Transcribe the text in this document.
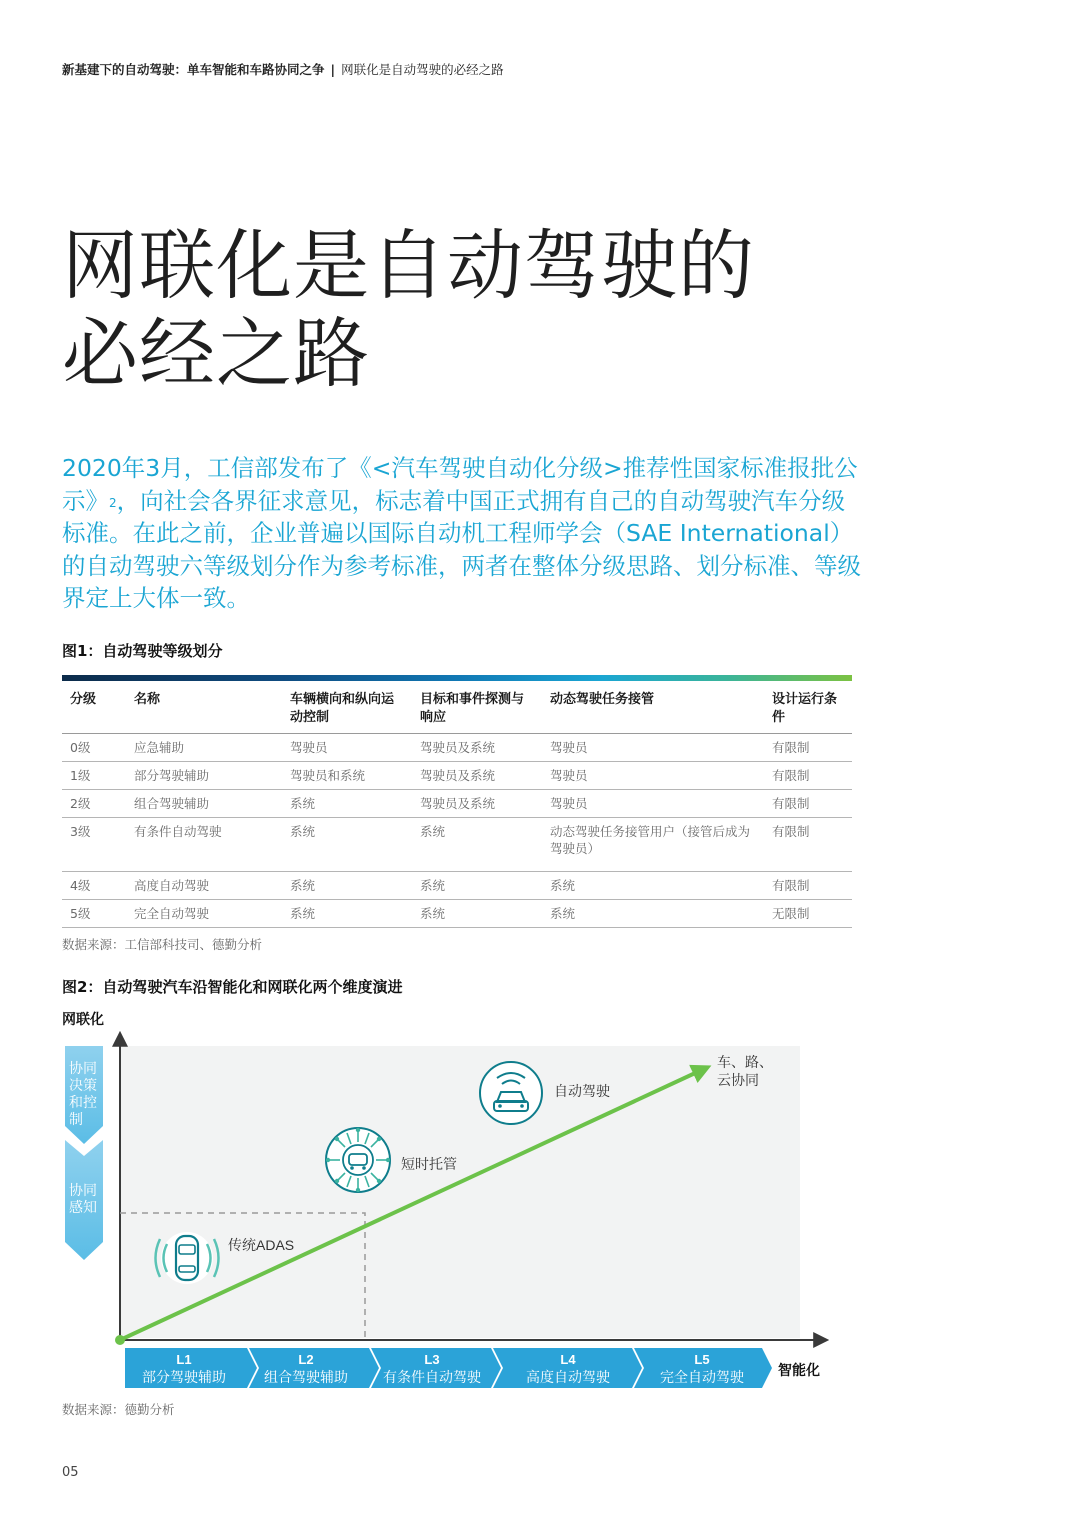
新基建下的自动驾驶：单车智能和车路协同之争 | 网联化是自动驾驶的必经之路
网联化是自动驾驶的
必经之路

2020年3月，工信部发布了《<汽车驾驶自动化分级>推荐性国家标准报批公示》$^2$，向社会各界征求意见，标志着中国正式拥有自己的自动驾驶汽车分级标准。在此之前，企业普遍以国际自动机工程师学会（SAE International）的自动驾驶六等级划分作为参考标准，两者在整体分级思路、划分标准、等级界定上大体一致。

图1：自动驾驶等级划分
分级	名称	车辆横向和纵向运动控制	目标和事件探测与响应	动态驾驶任务接管	设计运行条件
0级	应急辅助	驾驶员	驾驶员及系统	驾驶员	有限制
1级	部分驾驶辅助	驾驶员和系统	驾驶员及系统	驾驶员	有限制
2级	组合驾驶辅助	系统	驾驶员及系统	驾驶员	有限制
3级	有条件自动驾驶	系统	系统	动态驾驶任务接管用户（接管后成为驾驶员）	有限制
4级	高度自动驾驶	系统	系统	系统	有限制
5级	完全自动驾驶	系统	系统	系统	无限制
数据来源：工信部科技司、德勤分析
图2：自动驾驶汽车沿智能化和网联化两个维度演进
网联化
协同
决策
和控
制
协同
感知
车、路、
云协同
传统ADAS
短时托管
自动驾驶
L1
部分驾驶辅助
L2
组合驾驶辅助
L3
有条件自动驾驶
L4
高度自动驾驶
L5
完全自动驾驶 智能化
数据来源：德勤分析
05
